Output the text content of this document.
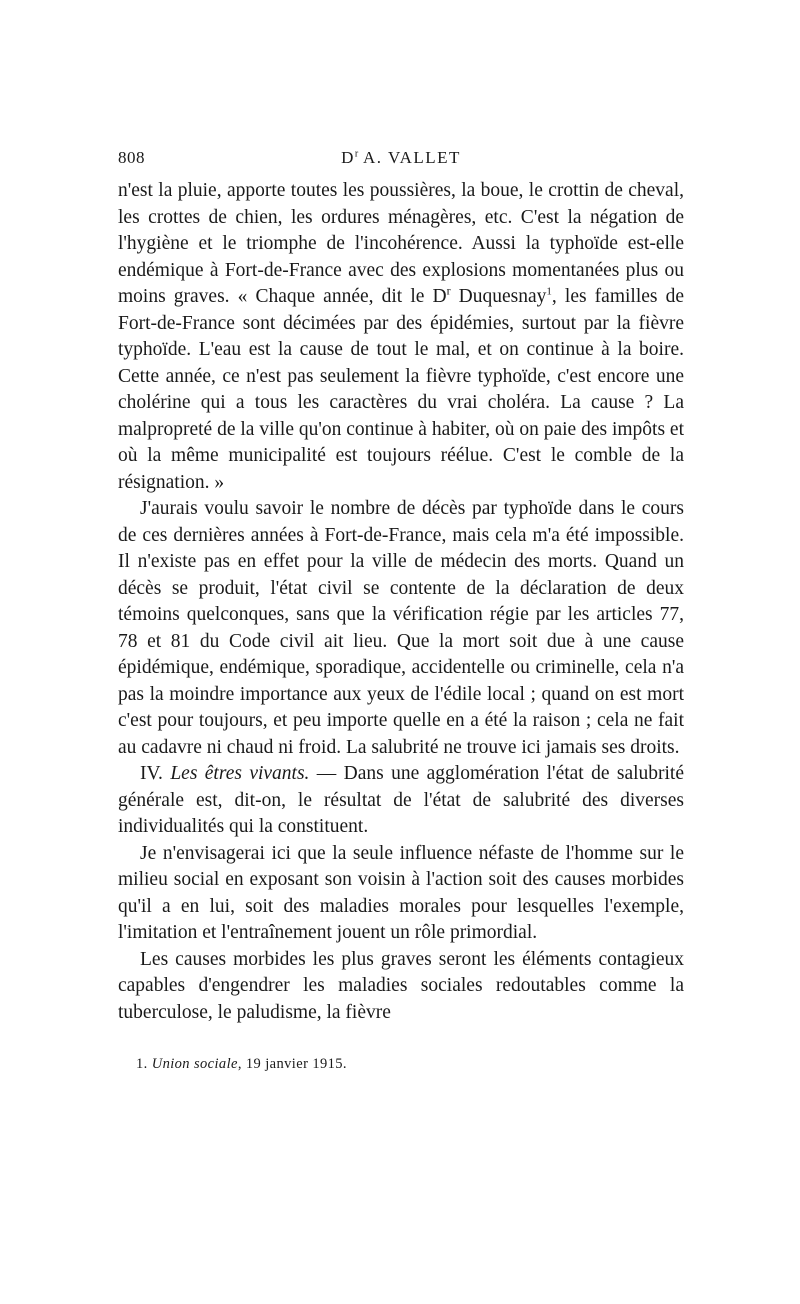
808	$D^r$ A. VALLET

n'est la pluie, apporte toutes les poussières, la boue, le crottin de cheval, les crottes de chien, les ordures ménagères, etc. C'est la négation de l'hygiène et le triomphe de l'incohérence. Aussi la typhoïde est-elle endémique à Fort-de-France avec des explosions momentanées plus ou moins graves. « Chaque année, dit le $D^r$ Duquesnay$^1$, les familles de Fort-de-France sont décimées par des épidémies, surtout par la fièvre typhoïde. L'eau est la cause de tout le mal, et on continue à la boire. Cette année, ce n'est pas seulement la fièvre typhoïde, c'est encore une cholérine qui a tous les caractères du vrai choléra. La cause ? La malpropreté de la ville qu'on continue à habiter, où on paie des impôts et où la même municipalité est toujours réélue. C'est le comble de la résignation. »

J'aurais voulu savoir le nombre de décès par typhoïde dans le cours de ces dernières années à Fort-de-France, mais cela m'a été impossible. Il n'existe pas en effet pour la ville de médecin des morts. Quand un décès se produit, l'état civil se contente de la déclaration de deux témoins quelconques, sans que la vérification régie par les articles 77, 78 et 81 du Code civil ait lieu. Que la mort soit due à une cause épidémique, endémique, sporadique, accidentelle ou criminelle, cela n'a pas la moindre importance aux yeux de l'édile local ; quand on est mort c'est pour toujours, et peu importe quelle en a été la raison ; cela ne fait au cadavre ni chaud ni froid. La salubrité ne trouve ici jamais ses droits.

IV. Les êtres vivants. — Dans une agglomération l'état de salubrité générale est, dit-on, le résultat de l'état de salubrité des diverses individualités qui la constituent.

Je n'envisagerai ici que la seule influence néfaste de l'homme sur le milieu social en exposant son voisin à l'action soit des causes morbides qu'il a en lui, soit des maladies morales pour lesquelles l'exemple, l'imitation et l'entraînement jouent un rôle primordial.

Les causes morbides les plus graves seront les éléments contagieux capables d'engendrer les maladies sociales redoutables comme la tuberculose, le paludisme, la fièvre

1. Union sociale, 19 janvier 1915.
